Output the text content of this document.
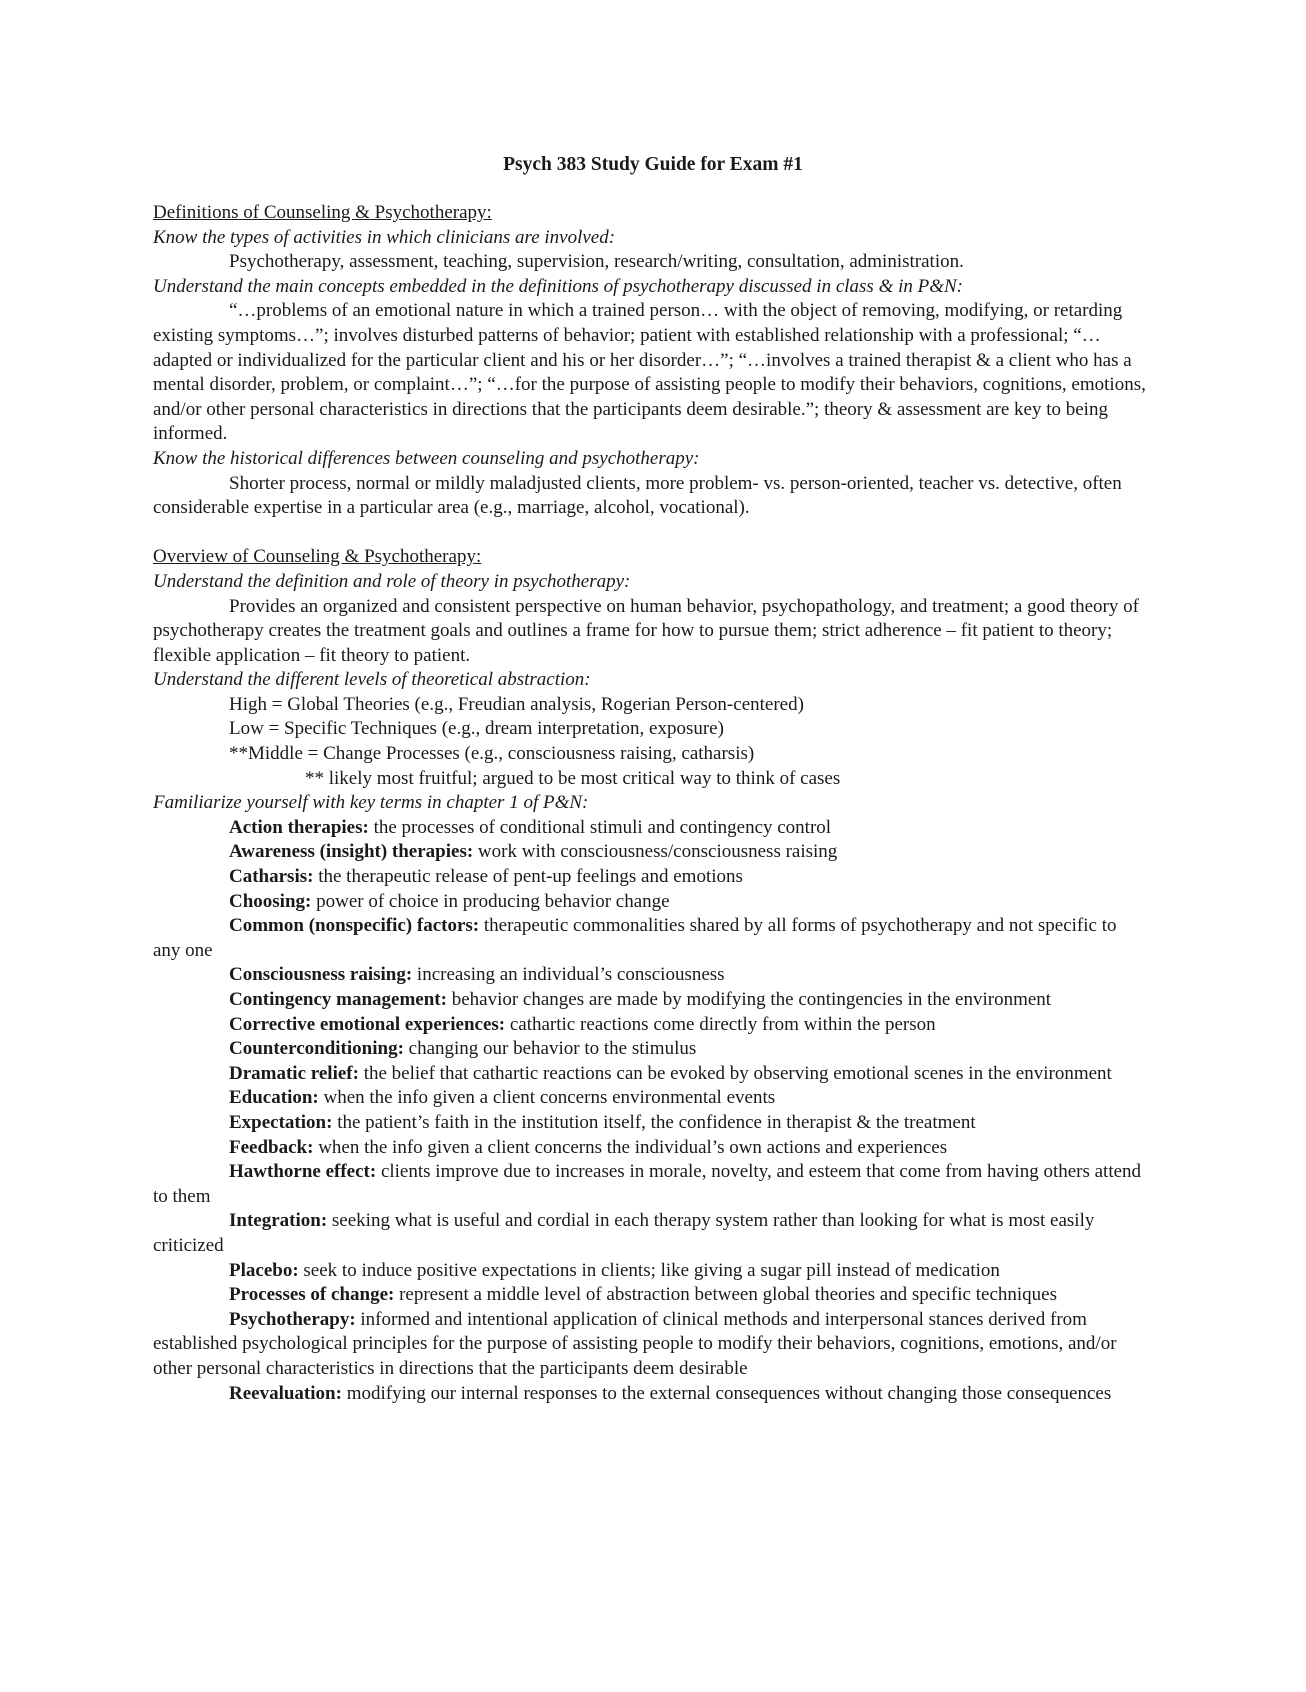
Psych 383 Study Guide for Exam #1

Definitions of Counseling & Psychotherapy:

Know the types of activities in which clinicians are involved:

Psychotherapy, assessment, teaching, supervision, research/writing, consultation, administration.

Understand the main concepts embedded in the definitions of psychotherapy discussed in class & in P&N:

“…problems of an emotional nature in which a trained person… with the object of removing, modifying, or retarding existing symptoms…”; involves disturbed patterns of behavior; patient with established relationship with a professional; “…adapted or individualized for the particular client and his or her disorder…”; “…involves a trained therapist & a client who has a mental disorder, problem, or complaint…”; “…for the purpose of assisting people to modify their behaviors, cognitions, emotions, and/or other personal characteristics in directions that the participants deem desirable.”; theory & assessment are key to being informed.

Know the historical differences between counseling and psychotherapy:

Shorter process, normal or mildly maladjusted clients, more problem- vs. person-oriented, teacher vs. detective, often considerable expertise in a particular area (e.g., marriage, alcohol, vocational).

Overview of Counseling & Psychotherapy:

Understand the definition and role of theory in psychotherapy:

Provides an organized and consistent perspective on human behavior, psychopathology, and treatment; a good theory of psychotherapy creates the treatment goals and outlines a frame for how to pursue them; strict adherence – fit patient to theory; flexible application – fit theory to patient.

Understand the different levels of theoretical abstraction:

High = Global Theories (e.g., Freudian analysis, Rogerian Person-centered)

Low = Specific Techniques (e.g., dream interpretation, exposure)

**Middle = Change Processes (e.g., consciousness raising, catharsis)

** likely most fruitful; argued to be most critical way to think of cases

Familiarize yourself with key terms in chapter 1 of P&N:

Action therapies: the processes of conditional stimuli and contingency control

Awareness (insight) therapies: work with consciousness/consciousness raising

Catharsis: the therapeutic release of pent-up feelings and emotions

Choosing: power of choice in producing behavior change

Common (nonspecific) factors: therapeutic commonalities shared by all forms of psychotherapy and not specific to any one

Consciousness raising: increasing an individual’s consciousness

Contingency management: behavior changes are made by modifying the contingencies in the environment

Corrective emotional experiences: cathartic reactions come directly from within the person

Counterconditioning: changing our behavior to the stimulus

Dramatic relief: the belief that cathartic reactions can be evoked by observing emotional scenes in the environment

Education: when the info given a client concerns environmental events

Expectation: the patient’s faith in the institution itself, the confidence in therapist & the treatment

Feedback: when the info given a client concerns the individual’s own actions and experiences

Hawthorne effect: clients improve due to increases in morale, novelty, and esteem that come from having others attend to them

Integration: seeking what is useful and cordial in each therapy system rather than looking for what is most easily criticized

Placebo: seek to induce positive expectations in clients; like giving a sugar pill instead of medication

Processes of change: represent a middle level of abstraction between global theories and specific techniques

Psychotherapy: informed and intentional application of clinical methods and interpersonal stances derived from established psychological principles for the purpose of assisting people to modify their behaviors, cognitions, emotions, and/or other personal characteristics in directions that the participants deem desirable

Reevaluation: modifying our internal responses to the external consequences without changing those consequences
